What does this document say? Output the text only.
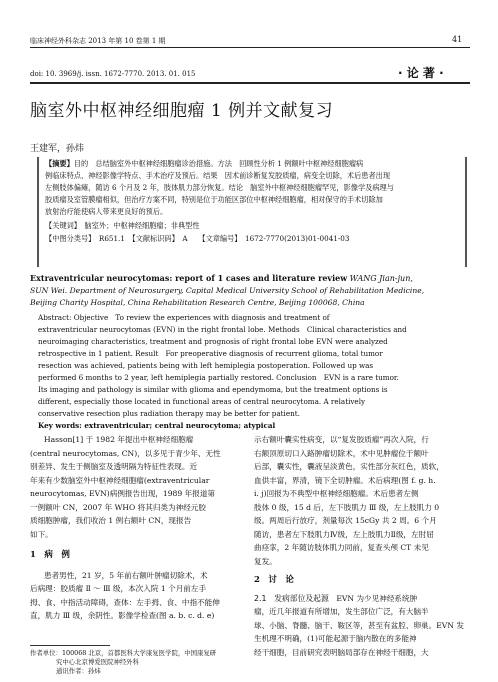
临床神经外科杂志 2013 年第 10 卷第 1 期	41
doi: 10. 3969/j. issn. 1672-7770. 2013. 01. 015	· 论 著 ·
脑室外中枢神经细胞瘤 1 例并文献复习
王建军，孙炜
【摘要】目的　总结脑室外中枢神经细胞瘤诊治措施。方法　回顾性分析 1 例额叶中枢神经细胞瘤病
例临床特点、神经影像学特点、手术治疗及预后。结果　因术前诊断复发胶质瘤，病变全切除，术后患者出现
左侧肢体偏瘫，随访 6 个月及 2 年，肢体肌力部分恢复。结论　脑室外中枢神经细胞瘤罕见，影像学及病理与
胶质瘤及室管膜瘤相似，但治疗方案不同，特别是位于功能区部位中枢神经细胞瘤，相对保守的手术切除加
放射治疗能使病人带来更良好的预后。
【关键词】　脑室外；中枢神经细胞瘤；非典型性
【中图分类号】　R651.1　【文献标识码】　A　　【文章编号】　1672-7770(2013)01-0041-03
Extraventricular neurocytomas: report of 1 cases and literature review WANG Jian-jun,
SUN Wei. Department of Neurosurgery, Capital Medical University School of Rehabilitation Medicine,
Beijing Charity Hospital, China Rehabilitation Research Centre, Beijing 100068, China
Abstract: Objective　To review the experiences with diagnosis and treatment of
extraventricular neurocytomas (EVN) in the right frontal lobe. Methods　Clinical characteristics and
neuroimaging characteristics, treatment and prognosis of right frontal lobe EVN were analyzed
retrospective in 1 patient. Result　For preoperative diagnosis of recurrent glioma, total tumor
resection was achieved, patients being with left hemiplegia postoperation. Followed up was
performed 6 months to 2 year, left hemiplegia partially restored. Conclusion　EVN is a rare tumor.
Its imaging and pathology is similar with glioma and ependymoma, but the treatment options is
different, especially those located in functional areas of central neurocytoma. A relatively
conservative resection plus radiation therapy may be better for patient.
Key words: extraventricular; central neurocytoma; atypical
Hasson[1] 于 1982 年提出中枢神经细胞瘤
(central neurocytomas, CN)，以多见于青少年、无性
别差异、发生于侧脑室及透明隔为特征性表现。近
年来有少数脑室外中枢神经细胞瘤(extraventricular
neurocytomas, EVN)病例报告出现，1989 年报道第
一例额叶 CN，2007 年 WHO 将其归类为神经元胶
质细胞肿瘤，我们收治 1 例右额叶 CN，现报告
如下。
1　病　例
患者男性，21 岁，5 年前右额叶肿瘤切除术，术
后病理：胶质瘤 Ⅱ ～ Ⅲ 级，本次入院 1 个月前左手
拇、食、中指活动障碍，查体：左手拇、食、中指不能伸
直，肌力 Ⅲ 级，余阴性。影像学检查(图 a. b. c. d. e)
作者单位：100068 北京，首都医科大学康复医学院，中国康复研
究中心北京博爱医院神经外科
通讯作者：孙炜
示右额叶囊实性病变，以“复发胶质瘤”再次入院，行
右额顶原切口入路肿瘤切除术，术中见肿瘤位于额叶
后部，囊实性，囊液呈淡黄色，实性部分灰红色，质软，
血供丰富，界清，镜下全切肿瘤。术后病理(图 f. g. h.
i. j)回报为不典型中枢神经细胞瘤。术后患者左侧
肢体 0 级，15 d 后，左下肢肌力 Ⅲ 级，左上肢肌力 0
级。两周后行放疗，剂量每次 15cGy 共 2 周。6 个月
随访，患者左下肢肌力Ⅳ级，左上肢肌力Ⅱ级，左肘屈
曲痉挛，2 年随访肢体肌力同前，复查头颅 CT 未见
复发。
2　讨　论
2.1　发病部位及起源　EVN 为少见神经系统肿
瘤，近几年报道有所增加，发生部位广泛，有大脑半
球、小脑、脊髓、脑干、鞍区等，甚至有盆腔、卵巢。EVN 发
生机理不明确，(1)可能起源于脑内散在的多能神
经干细胞，目前研究表明脑局部存在神经干细胞，大
